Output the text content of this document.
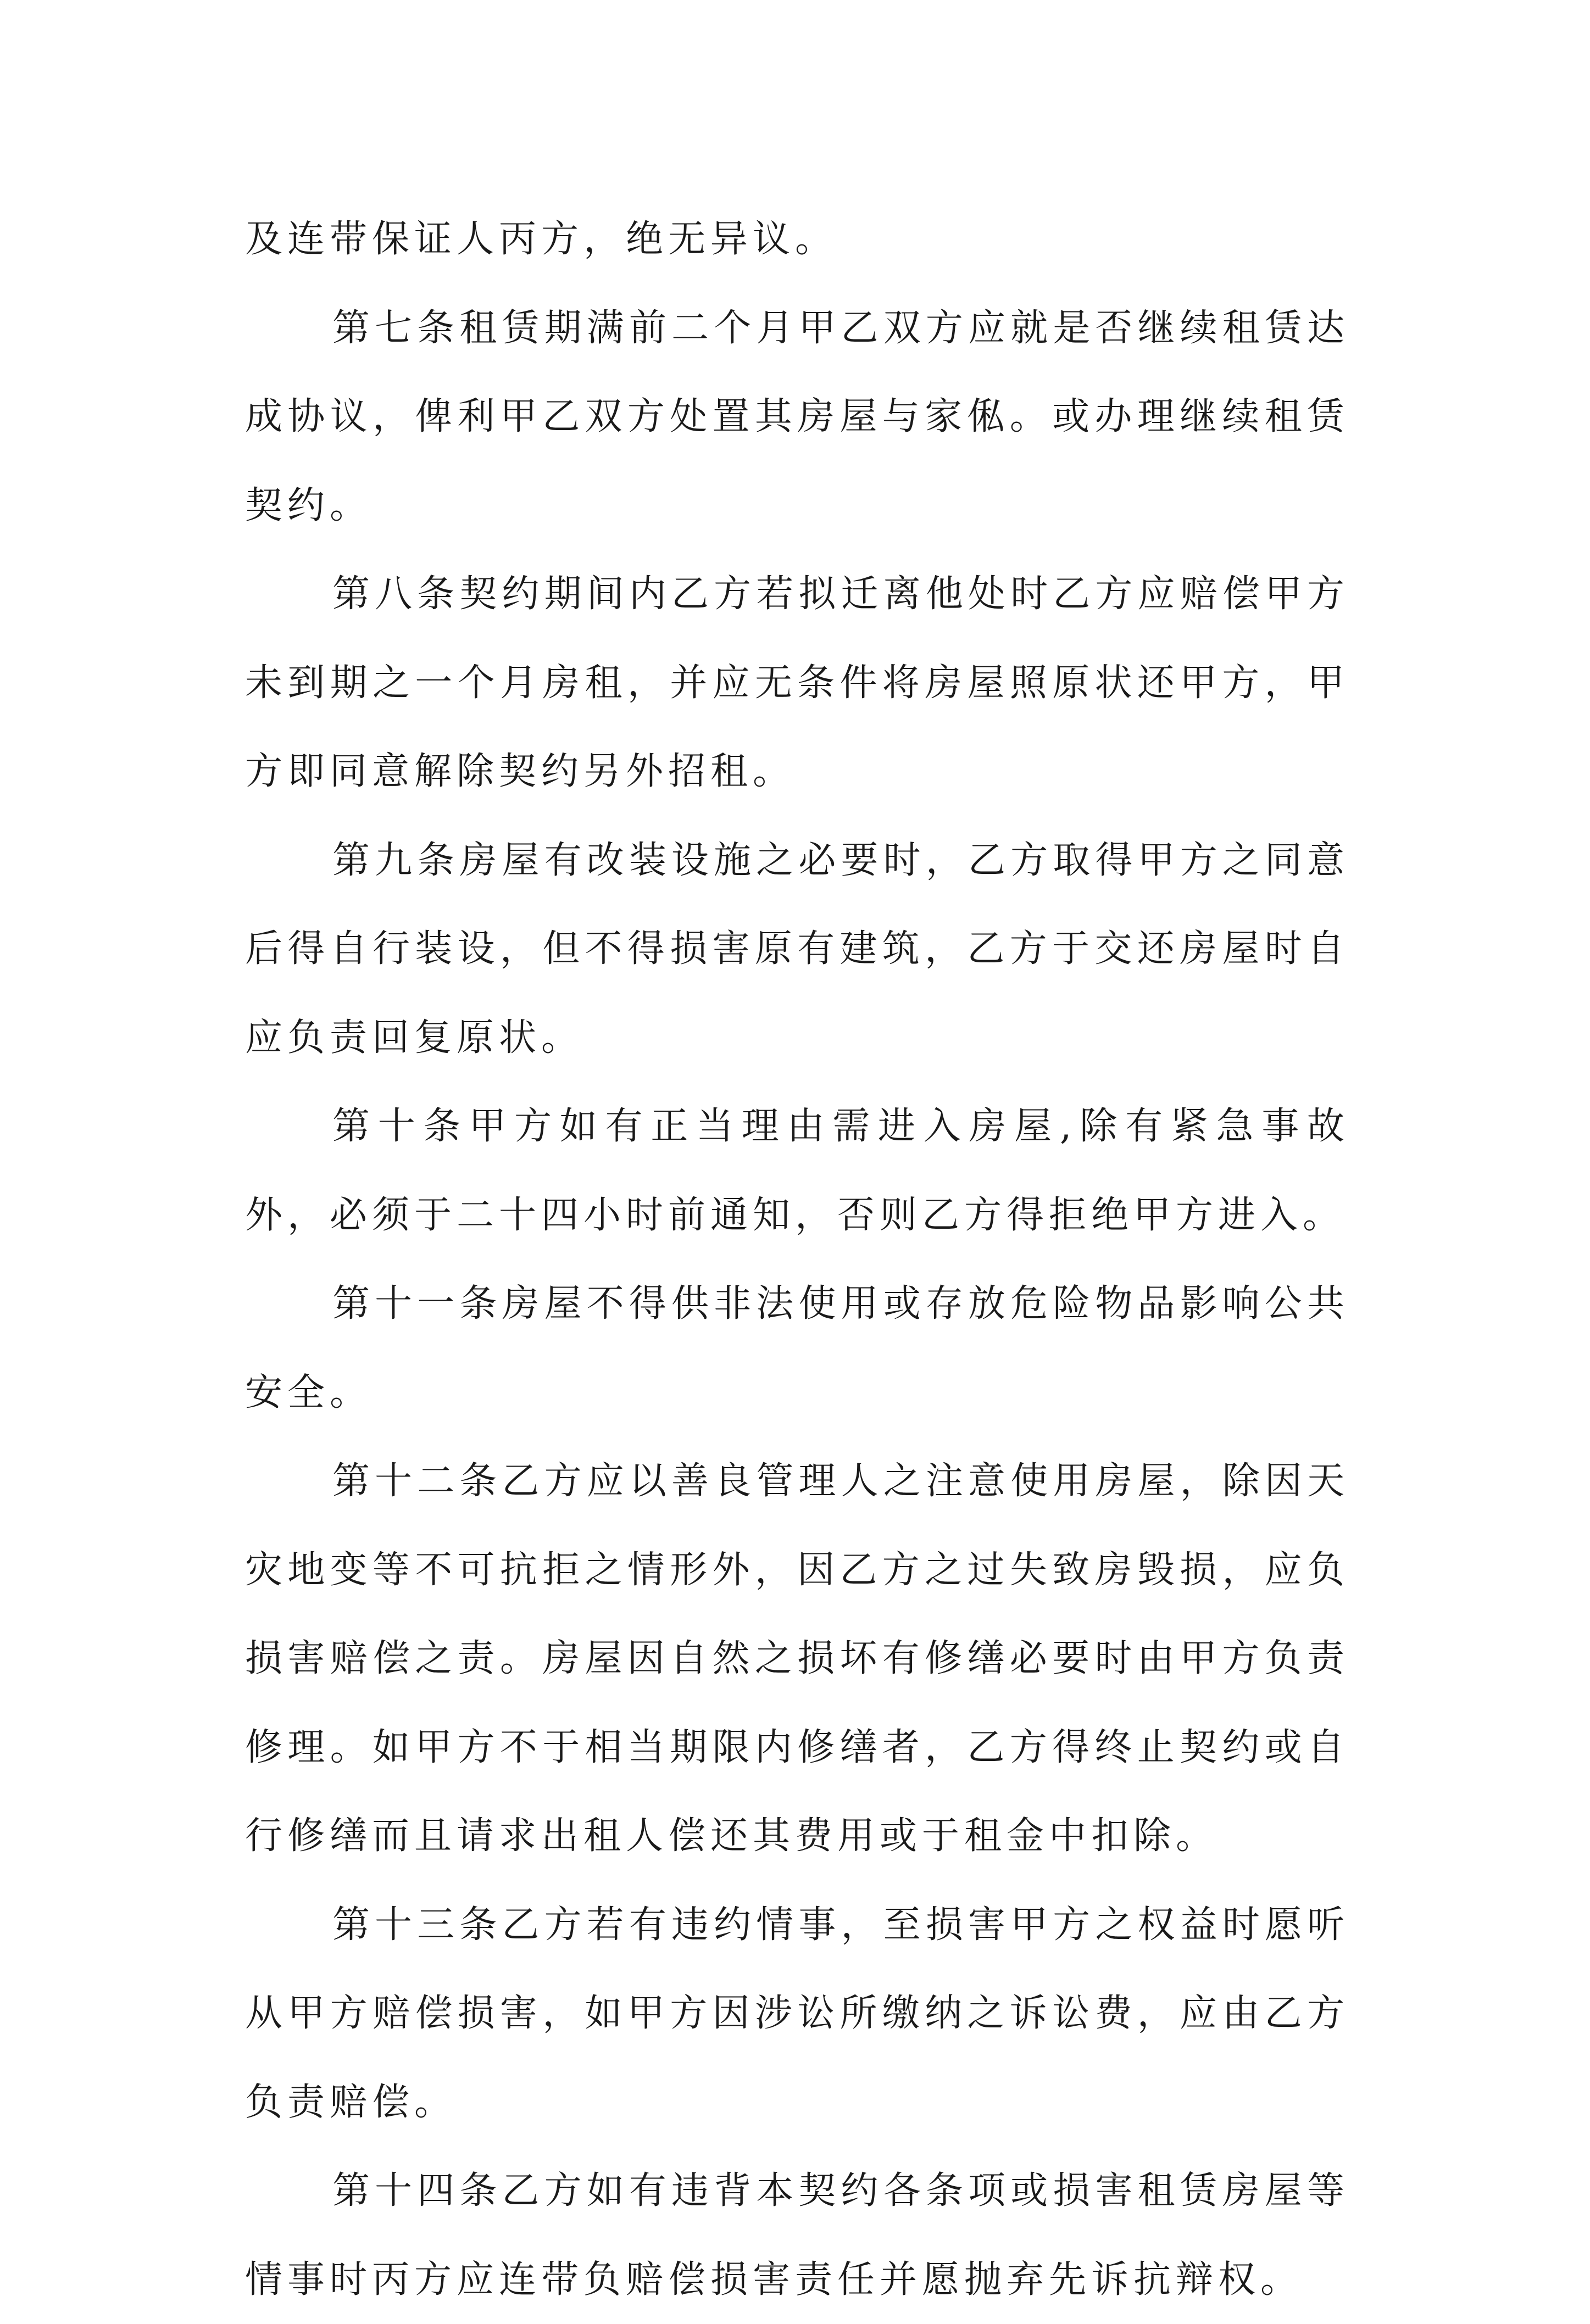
及连带保证人丙方，绝无异议。

第七条租赁期满前二个月甲乙双方应就是否继续租赁达成协议，俾利甲乙双方处置其房屋与家俬。或办理继续租赁契约。

第八条契约期间内乙方若拟迁离他处时乙方应赔偿甲方未到期之一个月房租，并应无条件将房屋照原状还甲方，甲方即同意解除契约另外招租。

第九条房屋有改装设施之必要时，乙方取得甲方之同意后得自行装设，但不得损害原有建筑，乙方于交还房屋时自应负责回复原状。

第十条甲方如有正当理由需进入房屋,除有紧急事故外，必须于二十四小时前通知，否则乙方得拒绝甲方进入。

第十一条房屋不得供非法使用或存放危险物品影响公共安全。

第十二条乙方应以善良管理人之注意使用房屋，除因天灾地变等不可抗拒之情形外，因乙方之过失致房毁损，应负损害赔偿之责。房屋因自然之损坏有修缮必要时由甲方负责修理。如甲方不于相当期限内修缮者，乙方得终止契约或自行修缮而且请求出租人偿还其费用或于租金中扣除。

第十三条乙方若有违约情事，至损害甲方之权益时愿听从甲方赔偿损害，如甲方因涉讼所缴纳之诉讼费，应由乙方负责赔偿。

第十四条乙方如有违背本契约各条项或损害租赁房屋等情事时丙方应连带负赔偿损害责任并愿抛弃先诉抗辩权。
